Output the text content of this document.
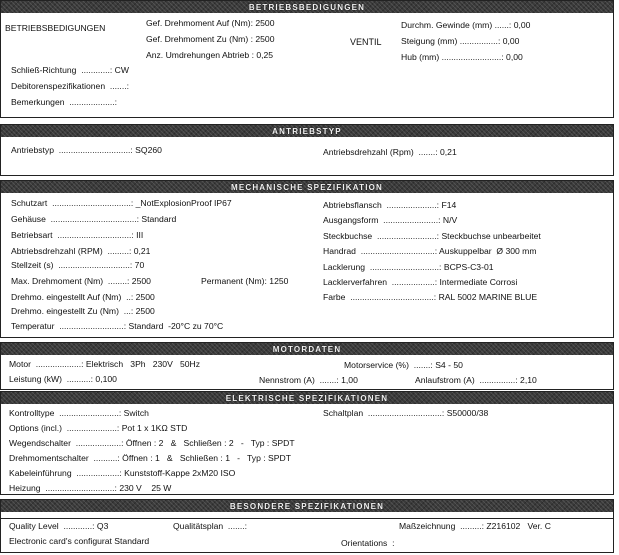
BETRIEBSBEDIGUNGEN
BETRIEBSBEDIGUNGEN	Gef. Drehmoment Auf (Nm): 2500
Gef. Drehmoment Zu (Nm) : 2500
Anz. Umdrehungen Abtrieb : 0,25
VENTIL
Durchm. Gewinde (mm) ......: 0,00
Steigung (mm) ................: 0,00
Hub (mm) .........................: 0,00
Schließ-Richtung  ............: CW
Debitorenspezifikationen  .......:
Bemerkungen  ...................:
ANTRIEBSTYP
Antriebstyp  ..............................: SQ260	Antriebsdrehzahl (Rpm)  .......: 0,21
MECHANISCHE SPEZIFIKATION
Schutzart  .................................: _NotExplosionProof IP67
Gehäuse  ....................................: Standard
Betriebsart  ...............................: III
Abtriebsdrehzahl (RPM)  .........: 0,21
Stellzeit (s)  ..............................: 70
Max. Drehmoment (Nm)  ........: 2500
Drehmo. eingestellt Auf (Nm)  ..: 2500
Drehmo. eingestellt Zu (Nm)  ...: 2500
Temperatur  ...........................: Standard  -20°C zu 70°C
Permanent (Nm): 1250
Abtriebsflansch  .....................: F14
Ausgangsform  .......................: N/V
Steckbuchse  .........................: Steckbuchse unbearbeitet
Handrad  ...............................: Auskuppelbar  Ø 300 mm
Lacklerung  .............................: BCPS-C3-01
Lacklerverfahren  ..................: Intermediate Corrosi
Farbe  ...................................: RAL 5002 MARINE BLUE
MOTORDATEN
Motor  ...................: Elektrisch   3Ph   230V   50Hz	Motorservice (%)  .......: S4 - 50
Leistung (kW)  ..........: 0,100	Nennstrom (A)  .......: 1,00	Anlaufstrom (A)  ...............: 2,10
ELEKTRISCHE SPEZIFIKATIONEN
Kontrolltype  .........................: Switch
Options (incl.)  .....................: Pot 1 x 1KΩ STD
Wegendschalter  ...................: Öffnen : 2   &   Schließen : 2   -   Typ : SPDT
Drehmomentschalter  ..........: Öffnen : 1   &   Schließen : 1   -   Typ : SPDT
Kabeleinführung  ..................: Kunststoff-Kappe 2xM20 ISO
Heizung  .............................: 230 V    25 W
Schaltplan  ...............................: S50000/38
BESONDERE SPEZIFIKATIONEN
Quality Level  ............: Q3	Qualitätsplan  .......:	Maßzeichnung  .........: Z216102   Ver. C
Electronic card's configurat Standard	Orientations  :
